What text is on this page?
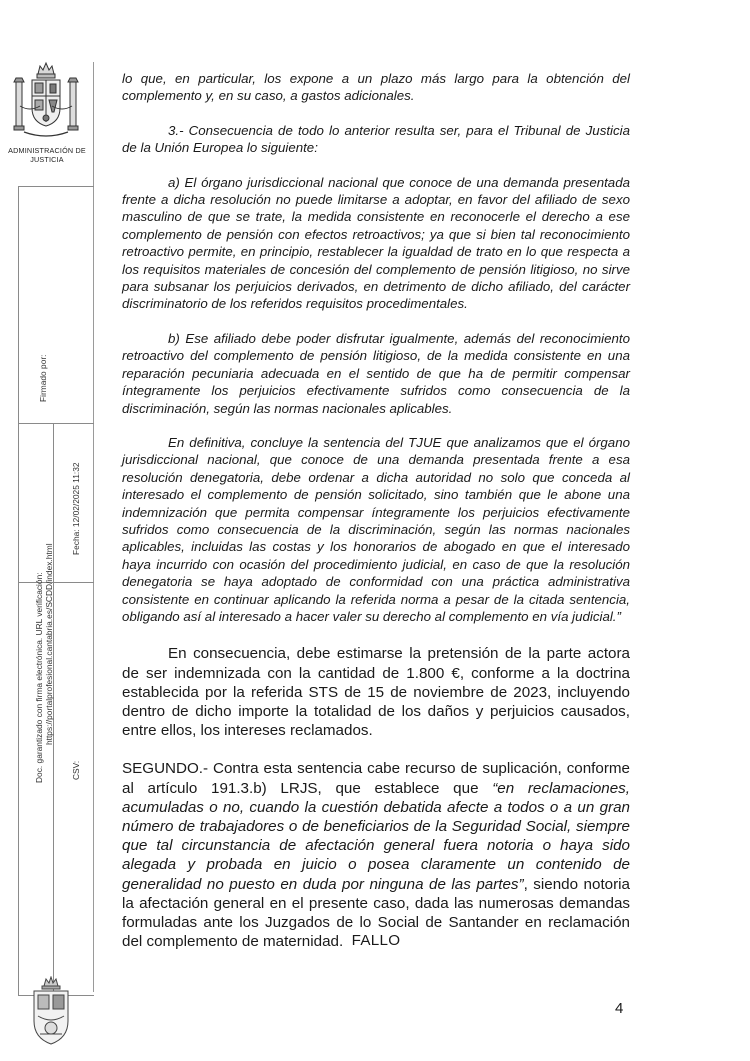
ADMINISTRACIÓN DE JUSTICIA
Firmado por:
Fecha: 12/02/2025 11:32
Doc. garantizado con firma electrónica. URL verificación: https://portalprofesional.cantabria.es/SCDD/index.html
CSV:

lo que, en particular, los expone a un plazo más largo para la obtención del complemento y, en su caso, a gastos adicionales.

3.- Consecuencia de todo lo anterior resulta ser, para el Tribunal de Justicia de la Unión Europea lo siguiente:

a) El órgano jurisdiccional nacional que conoce de una demanda presentada frente a dicha resolución no puede limitarse a adoptar, en favor del afiliado de sexo masculino de que se trate, la medida consistente en reconocerle el derecho a ese complemento de pensión con efectos retroactivos; ya que si bien tal reconocimiento retroactivo permite, en principio, restablecer la igualdad de trato en lo que respecta a los requisitos materiales de concesión del complemento de pensión litigioso, no sirve para subsanar los perjuicios derivados, en detrimento de dicho afiliado, del carácter discriminatorio de los referidos requisitos procedimentales.

b) Ese afiliado debe poder disfrutar igualmente, además del reconocimiento retroactivo del complemento de pensión litigioso, de la medida consistente en una reparación pecuniaria adecuada en el sentido de que ha de permitir compensar íntegramente los perjuicios efectivamente sufridos como consecuencia de la discriminación, según las normas nacionales aplicables.

En definitiva, concluye la sentencia del TJUE que analizamos que el órgano jurisdiccional nacional, que conoce de una demanda presentada frente a esa resolución denegatoria, debe ordenar a dicha autoridad no solo que conceda al interesado el complemento de pensión solicitado, sino también que le abone una indemnización que permita compensar íntegramente los perjuicios efectivamente sufridos como consecuencia de la discriminación, según las normas nacionales aplicables, incluidas las costas y los honorarios de abogado en que el interesado haya incurrido con ocasión del procedimiento judicial, en caso de que la resolución denegatoria se haya adoptado de conformidad con una práctica administrativa consistente en continuar aplicando la referida norma a pesar de la citada sentencia, obligando así al interesado a hacer valer su derecho al complemento en vía judicial.”

En consecuencia, debe estimarse la pretensión de la parte actora de ser indemnizada con la cantidad de 1.800 €, conforme a la doctrina establecida por la referida STS de 15 de noviembre de 2023, incluyendo dentro de dicho importe la totalidad de los daños y perjuicios causados, entre ellos, los intereses reclamados.

SEGUNDO.- Contra esta sentencia cabe recurso de suplicación, conforme al artículo 191.3.b) LRJS, que establece que “en reclamaciones, acumuladas o no, cuando la cuestión debatida afecte a todos o a un gran número de trabajadores o de beneficiarios de la Seguridad Social, siempre que tal circunstancia de afectación general fuera notoria o haya sido alegada y probada en juicio o posea claramente un contenido de generalidad no puesto en duda por ninguna de las partes”, siendo notoria la afectación general en el presente caso, dada las numerosas demandas formuladas ante los Juzgados de lo Social de Santander en reclamación del complemento de maternidad. FALLO
4
